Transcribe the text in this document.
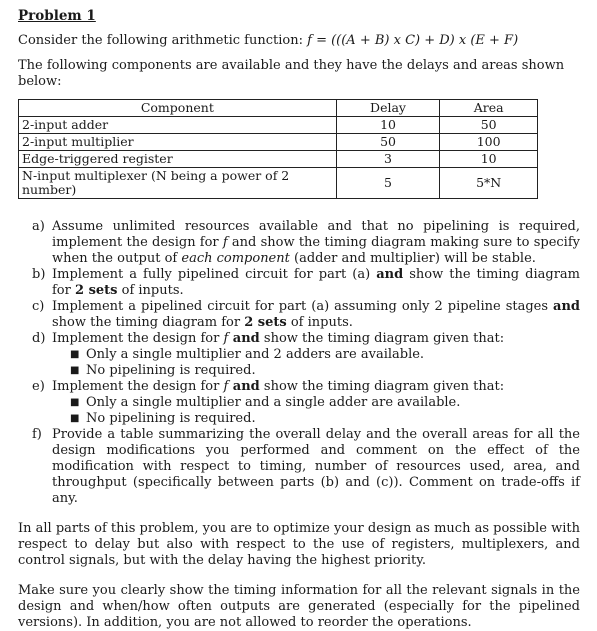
Problem 1
Consider the following arithmetic function: f = (((A + B) x C) + D) x (E + F)
The following components are available and they have the delays and areas shown below:
Component	Delay	Area
2-input adder	10	50
2-input multiplier	50	100
Edge-triggered register	3	10
N-input multiplexer (N being a power of 2 number)	5	5*N
a) Assume unlimited resources available and that no pipelining is required, implement the design for f and show the timing diagram making sure to specify when the output of each component (adder and multiplier) will be stable.
b) Implement a fully pipelined circuit for part (a) and show the timing diagram for 2 sets of inputs.
c) Implement a pipelined circuit for part (a) assuming only 2 pipeline stages and show the timing diagram for 2 sets of inputs.
d) Implement the design for f and show the timing diagram given that:
■ Only a single multiplier and 2 adders are available.
■ No pipelining is required.
e) Implement the design for f and show the timing diagram given that:
■ Only a single multiplier and a single adder are available.
■ No pipelining is required.
f) Provide a table summarizing the overall delay and the overall areas for all the design modifications you performed and comment on the effect of the modification with respect to timing, number of resources used, area, and throughput (specifically between parts (b) and (c)). Comment on trade-offs if any.
In all parts of this problem, you are to optimize your design as much as possible with respect to delay but also with respect to the use of registers, multiplexers, and control signals, but with the delay having the highest priority.
Make sure you clearly show the timing information for all the relevant signals in the design and when/how often outputs are generated (especially for the pipelined versions). In addition, you are not allowed to reorder the operations.
